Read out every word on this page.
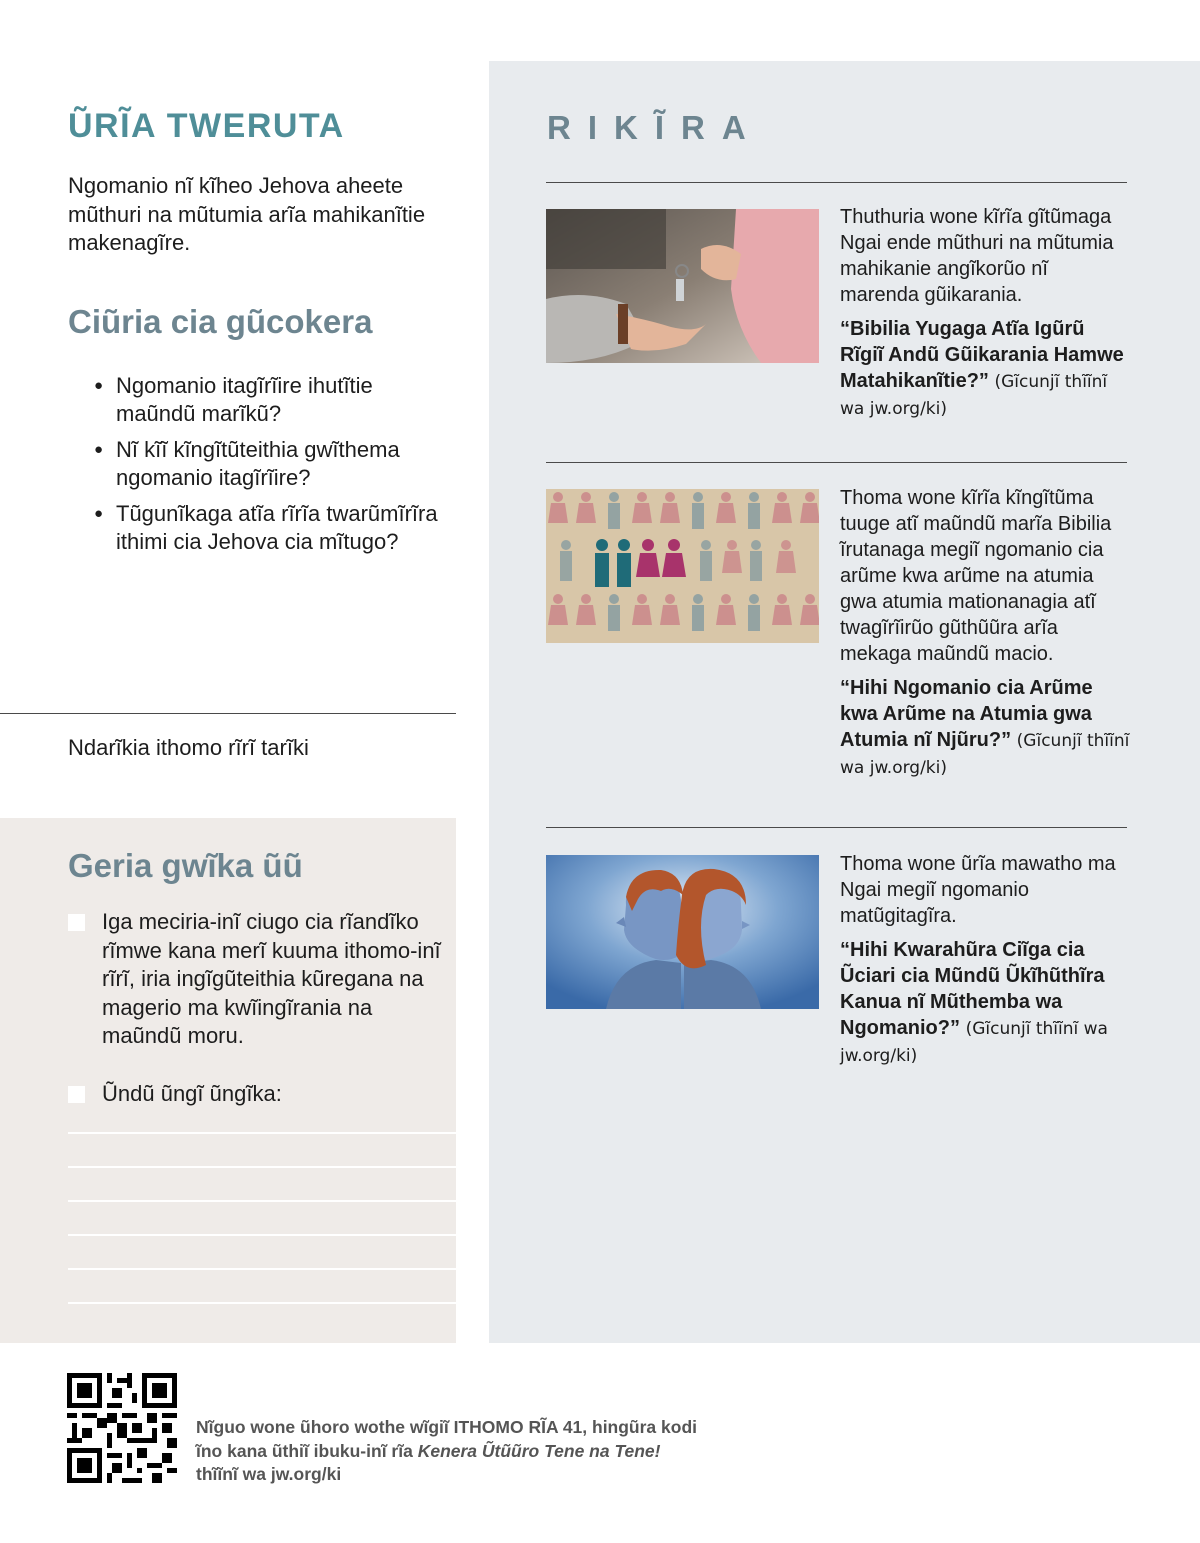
ŨRĨA TWERUTA

Ngomanio nĩ kĩheo Jehova aheete mũthuri na mũtumia arĩa mahikanĩtie makenagĩre.

Ciũria cia gũcokera
● Ngomanio itagĩrĩire ihutĩtie maũndũ marĩkũ?
● Nĩ kĩĩ kĩngĩtũteithia gwĩthema ngomanio itagĩrĩire?
● Tũgunĩkaga atĩa rĩrĩa twarũmĩrĩra ithimi cia Jehova cia mĩtugo?
Ndarĩkia ithomo rĩrĩ tarĩki
Geria gwĩka ũũ

Iga meciria-inĩ ciugo cia rĩandĩko rĩmwe kana merĩ kuuma ithomo-inĩ rĩrĩ, iria ingĩgũteithia kũregana na magerio ma kwĩingĩrania na maũndũ moru.

Ũndũ ũngĩ ũngĩka:

RIKĨRA

Thuthuria wone kĩrĩa gĩtũmaga Ngai ende mũthuri na mũtumia mahikanie angĩkorũo nĩ marenda gũikarania.

“Bibilia Yugaga Atĩa Igũrũ Rĩgiĩ Andũ Gũikarania Hamwe Matahikanĩtie?” (Gĩcunjĩ thĩĩnĩ wa jw.org/ki)

Thoma wone kĩrĩa kĩngĩtũma tuuge atĩ maũndũ marĩa Bibilia ĩrutanaga megiĩ ngomanio cia arũme kwa arũme na atumia gwa atumia mationanagia atĩ twagĩrĩirũo gũthũũra arĩa mekaga maũndũ macio.

“Hihi Ngomanio cia Arũme kwa Arũme na Atumia gwa Atumia nĩ Njũru?” (Gĩcunjĩ thĩĩnĩ wa jw.org/ki)

Thoma wone ũrĩa mawatho ma Ngai megiĩ ngomanio matũgitagĩra.

“Hihi Kwarahũra Ciĩga cia Ũciari cia Mũndũ Ũkĩhũthĩra Kanua nĩ Mũthemba wa Ngomanio?” (Gĩcunjĩ thĩĩnĩ wa jw.org/ki)

Nĩguo wone ũhoro wothe wĩgiĩ ITHOMO RĨA 41, hingũra kodi ĩno kana ũthiĩ ibuku-inĩ rĩa Kenera Ũtũũro Tene na Tene!
thĩĩnĩ wa jw.org/ki
